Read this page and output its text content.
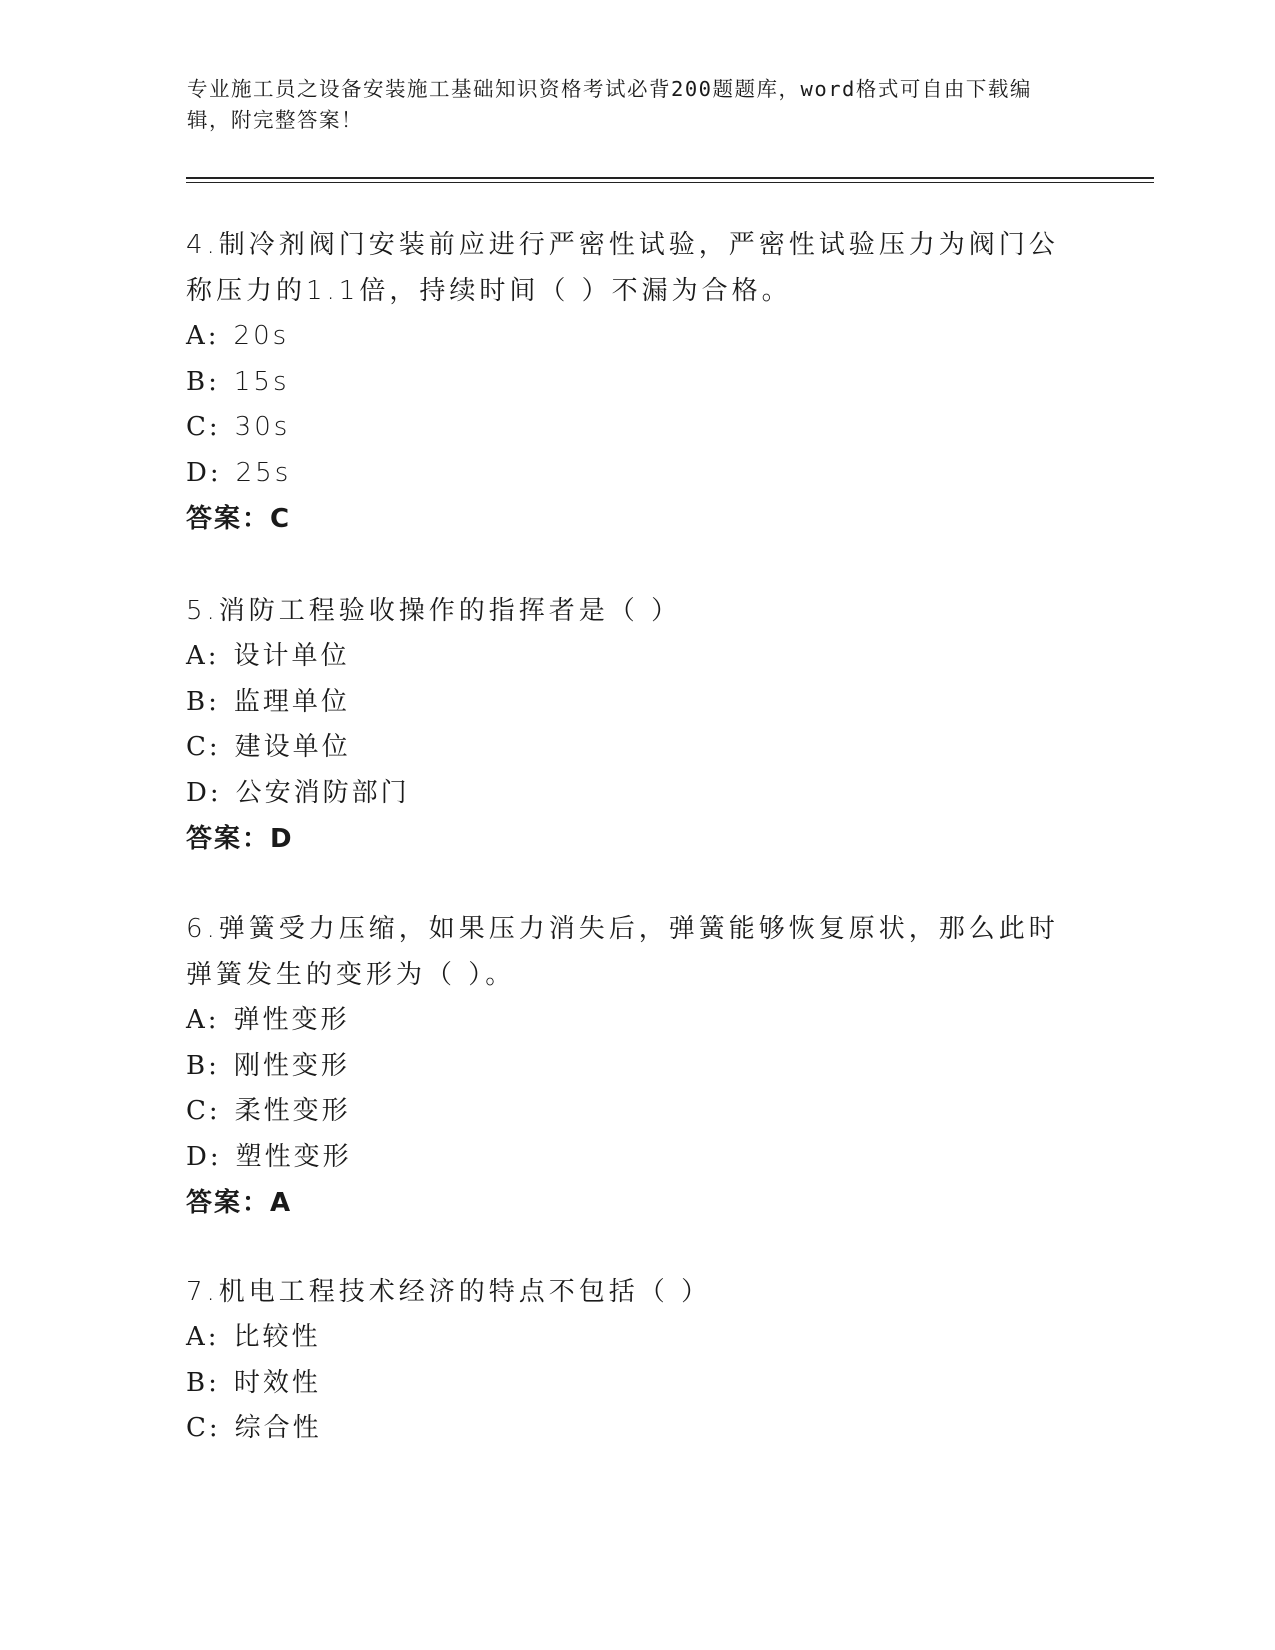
专业施工员之设备安装施工基础知识资格考试必背200题题库，word格式可自由下载编辑，附完整答案！
4.制冷剂阀门安装前应进行严密性试验，严密性试验压力为阀门公称压力的1.1倍，持续时间（ ）不漏为合格。
A: 20s
B: 15s
C: 30s
D: 25s
答案：C
5.消防工程验收操作的指挥者是（ ）
A: 设计单位
B: 监理单位
C: 建设单位
D: 公安消防部门
答案：D
6.弹簧受力压缩，如果压力消失后，弹簧能够恢复原状，那么此时弹簧发生的变形为（ ）。
A: 弹性变形
B: 刚性变形
C: 柔性变形
D: 塑性变形
答案：A
7.机电工程技术经济的特点不包括（ ）
A: 比较性
B: 时效性
C: 综合性
